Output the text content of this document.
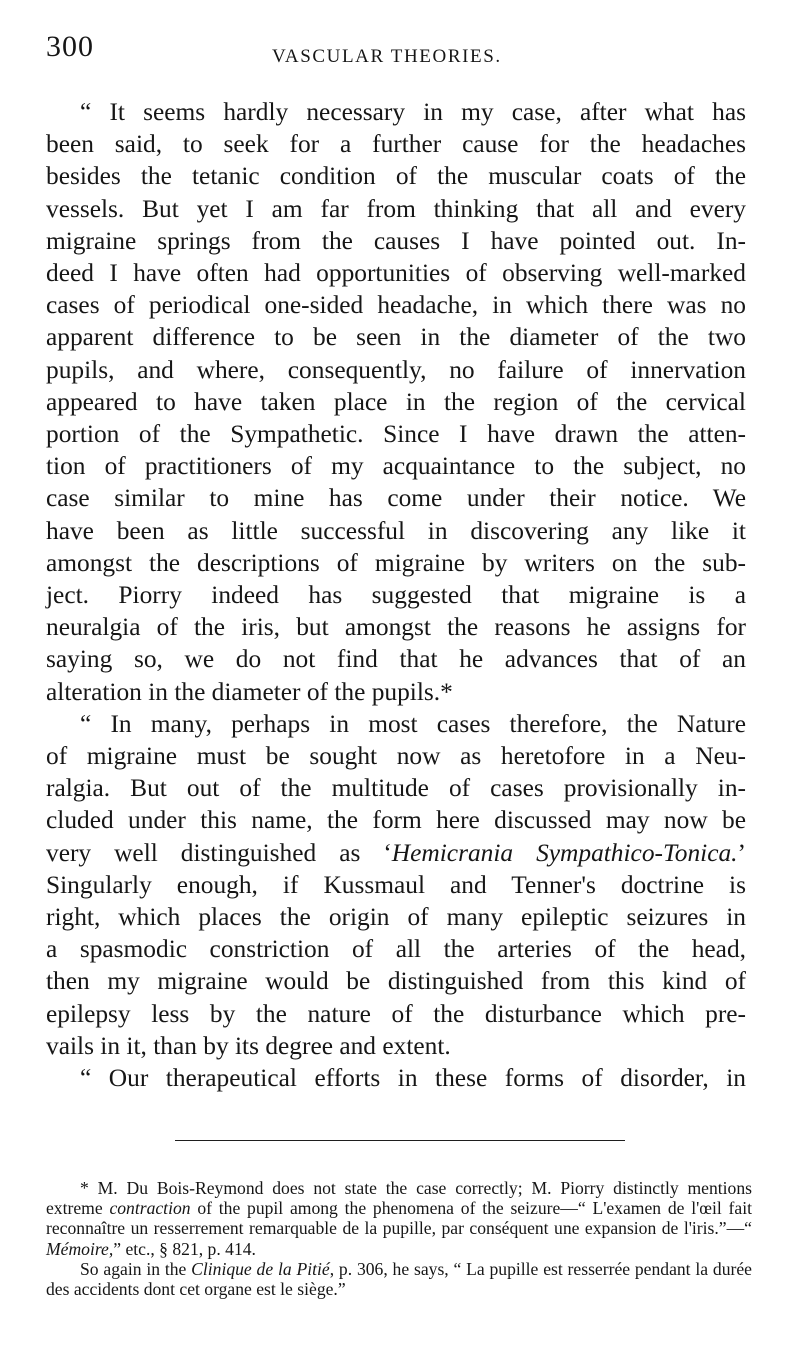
300	VASCULAR THEORIES.

“ It seems hardly necessary in my case, after what has

been said, to seek for a further cause for the headaches

besides the tetanic condition of the muscular coats of the

vessels. But yet I am far from thinking that all and every

migraine springs from the causes I have pointed out. In-

deed I have often had opportunities of observing well-marked

cases of periodical one-sided headache, in which there was no

apparent difference to be seen in the diameter of the two

pupils, and where, consequently, no failure of innervation

appeared to have taken place in the region of the cervical

portion of the Sympathetic. Since I have drawn the atten-

tion of practitioners of my acquaintance to the subject, no

case similar to mine has come under their notice. We

have been as little successful in discovering any like it

amongst the descriptions of migraine by writers on the sub-

ject. Piorry indeed has suggested that migraine is a

neuralgia of the iris, but amongst the reasons he assigns for

saying so, we do not find that he advances that of an

alteration in the diameter of the pupils.*

“ In many, perhaps in most cases therefore, the Nature

of migraine must be sought now as heretofore in a Neu-

ralgia. But out of the multitude of cases provisionally in-

cluded under this name, the form here discussed may now be

very well distinguished as ‘Hemicrania Sympathico-Tonica.’

Singularly enough, if Kussmaul and Tenner's doctrine is

right, which places the origin of many epileptic seizures in

a spasmodic constriction of all the arteries of the head,

then my migraine would be distinguished from this kind of

epilepsy less by the nature of the disturbance which pre-

vails in it, than by its degree and extent.

“ Our therapeutical efforts in these forms of disorder, in

* M. Du Bois-Reymond does not state the case correctly; M. Piorry distinctly mentions extreme contraction of the pupil among the phenomena of the seizure—“ L'examen de l'œil fait reconnaître un resserrement remarquable de la pupille, par conséquent une expansion de l'iris.”—“ Mémoire,” etc., § 821, p. 414.

So again in the Clinique de la Pitié, p. 306, he says, “ La pupille est resserrée pendant la durée des accidents dont cet organe est le siège.”
